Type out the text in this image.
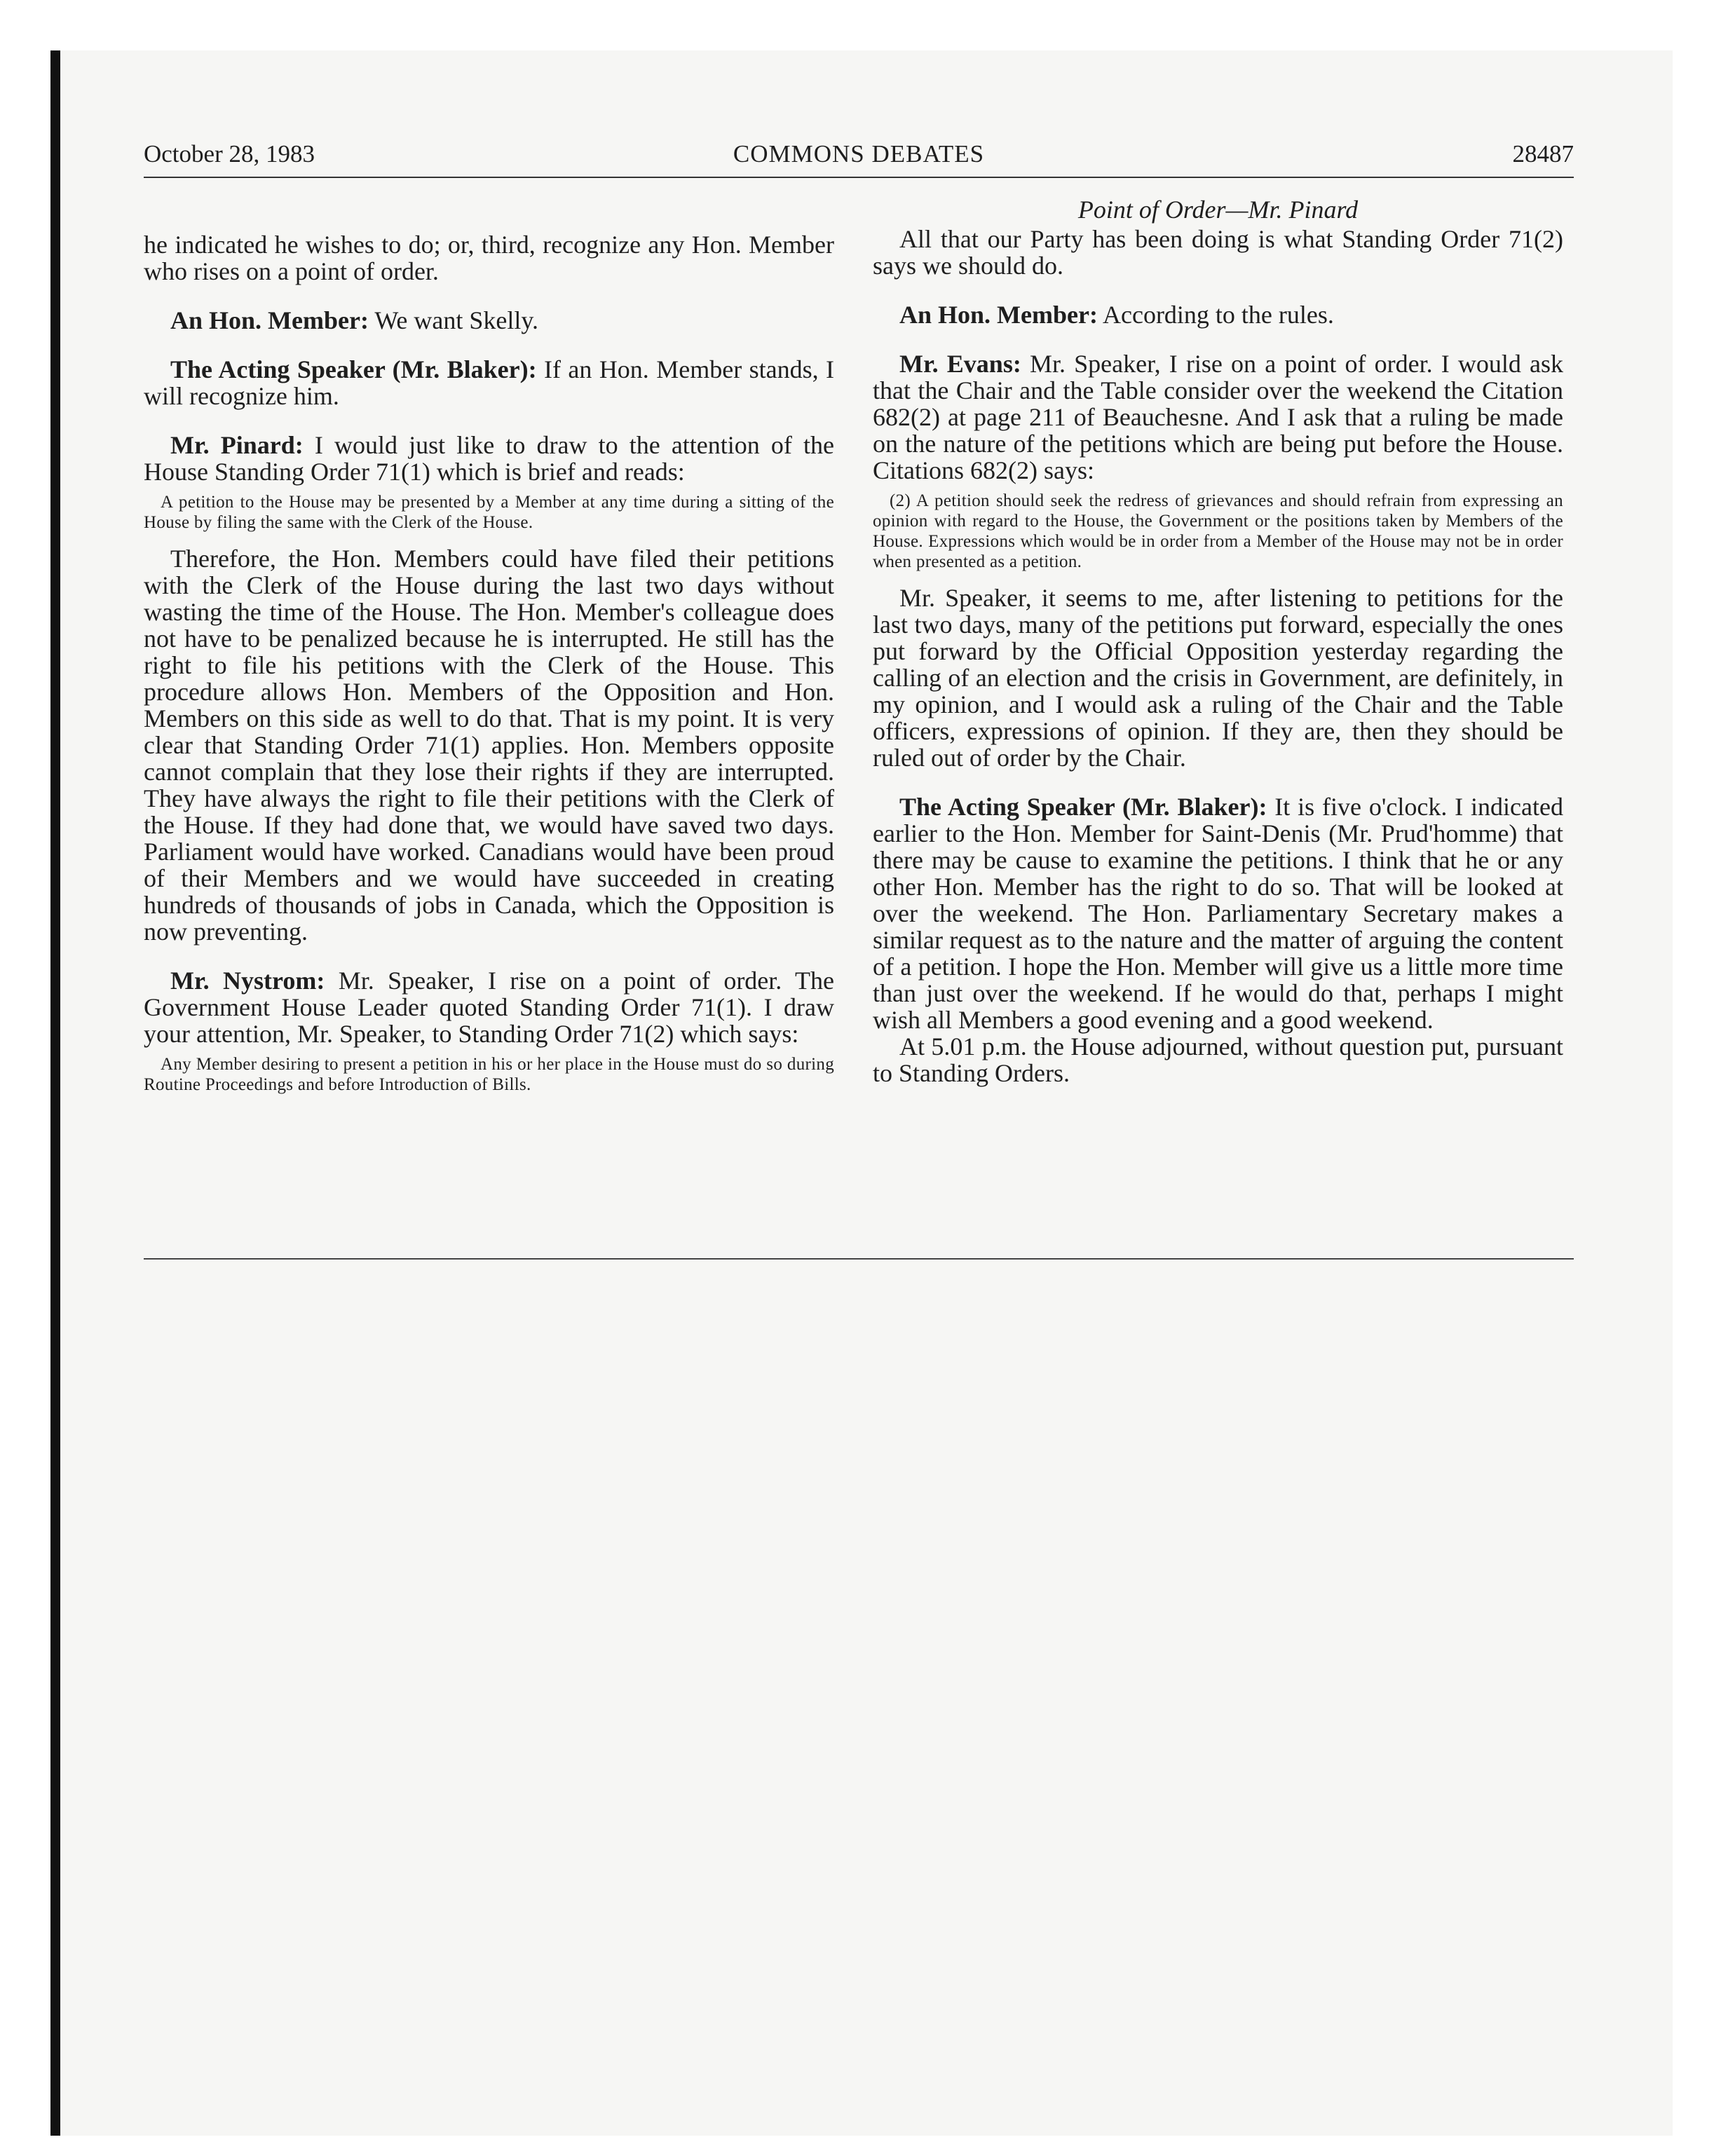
October 28, 1983	COMMONS DEBATES	28487

he indicated he wishes to do; or, third, recognize any Hon. Member who rises on a point of order.

An Hon. Member: We want Skelly.

The Acting Speaker (Mr. Blaker): If an Hon. Member stands, I will recognize him.

Mr. Pinard: I would just like to draw to the attention of the House Standing Order 71(1) which is brief and reads:

A petition to the House may be presented by a Member at any time during a sitting of the House by filing the same with the Clerk of the House.

Therefore, the Hon. Members could have filed their petitions with the Clerk of the House during the last two days without wasting the time of the House. The Hon. Member's colleague does not have to be penalized because he is interrupted. He still has the right to file his petitions with the Clerk of the House. This procedure allows Hon. Members of the Opposition and Hon. Members on this side as well to do that. That is my point. It is very clear that Standing Order 71(1) applies. Hon. Members opposite cannot complain that they lose their rights if they are interrupted. They have always the right to file their petitions with the Clerk of the House. If they had done that, we would have saved two days. Parliament would have worked. Canadians would have been proud of their Members and we would have succeeded in creating hundreds of thousands of jobs in Canada, which the Opposition is now preventing.

Mr. Nystrom: Mr. Speaker, I rise on a point of order. The Government House Leader quoted Standing Order 71(1). I draw your attention, Mr. Speaker, to Standing Order 71(2) which says:

Any Member desiring to present a petition in his or her place in the House must do so during Routine Proceedings and before Introduction of Bills.

Point of Order—Mr. Pinard

All that our Party has been doing is what Standing Order 71(2) says we should do.

An Hon. Member: According to the rules.

Mr. Evans: Mr. Speaker, I rise on a point of order. I would ask that the Chair and the Table consider over the weekend the Citation 682(2) at page 211 of Beauchesne. And I ask that a ruling be made on the nature of the petitions which are being put before the House. Citations 682(2) says:

(2) A petition should seek the redress of grievances and should refrain from expressing an opinion with regard to the House, the Government or the positions taken by Members of the House. Expressions which would be in order from a Member of the House may not be in order when presented as a petition.

Mr. Speaker, it seems to me, after listening to petitions for the last two days, many of the petitions put forward, especially the ones put forward by the Official Opposition yesterday regarding the calling of an election and the crisis in Government, are definitely, in my opinion, and I would ask a ruling of the Chair and the Table officers, expressions of opinion. If they are, then they should be ruled out of order by the Chair.

The Acting Speaker (Mr. Blaker): It is five o'clock. I indicated earlier to the Hon. Member for Saint-Denis (Mr. Prud'homme) that there may be cause to examine the petitions. I think that he or any other Hon. Member has the right to do so. That will be looked at over the weekend. The Hon. Parliamentary Secretary makes a similar request as to the nature and the matter of arguing the content of a petition. I hope the Hon. Member will give us a little more time than just over the weekend. If he would do that, perhaps I might wish all Members a good evening and a good weekend.

At 5.01 p.m. the House adjourned, without question put, pursuant to Standing Orders.
